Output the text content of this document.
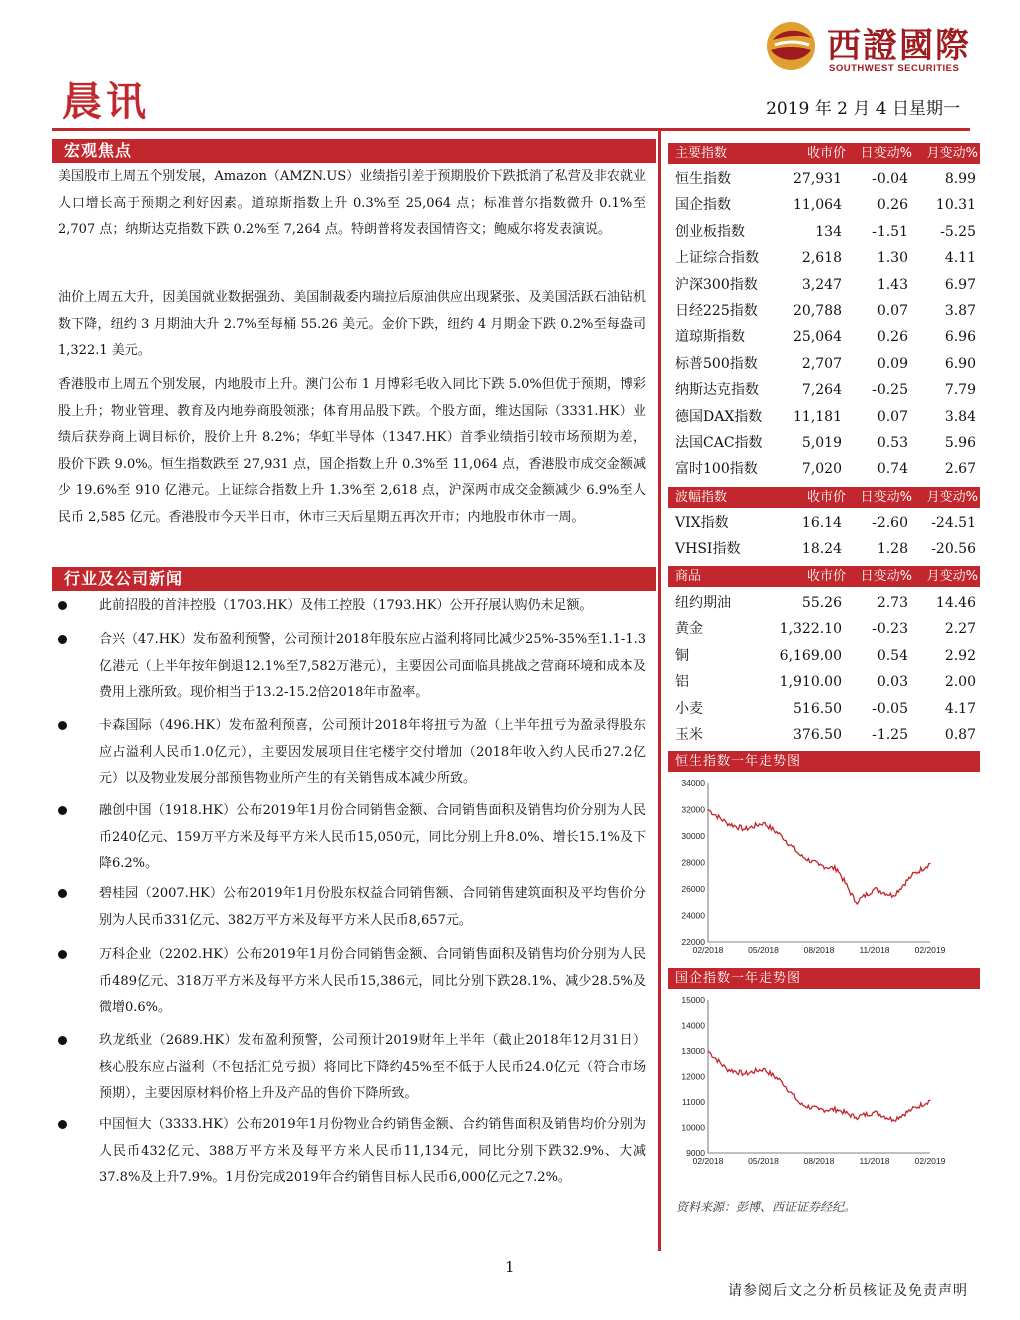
西證國際
SOUTHWEST SECURITIES
晨讯	2019 年 2 月 4 日星期一
宏观焦点

美国股市上周五个别发展，Amazon（AMZN.US）业绩指引差于预期股价下跌抵消了私营及非农就业人口增长高于预期之利好因素。道琼斯指数上升 0.3%至 25,064 点；标准普尔指数微升 0.1%至 2,707 点；纳斯达克指数下跌 0.2%至 7,264 点。特朗普将发表国情咨文；鲍威尔将发表演说。

油价上周五大升，因美国就业数据强劲、美国制裁委内瑞拉后原油供应出现紧张、及美国活跃石油钻机数下降，纽约 3 月期油大升 2.7%至每桶 55.26 美元。金价下跌，纽约 4 月期金下跌 0.2%至每盎司 1,322.1 美元。

香港股市上周五个别发展，内地股市上升。澳门公布 1 月博彩毛收入同比下跌 5.0%但优于预期，博彩股上升；物业管理、教育及内地券商股领涨；体育用品股下跌。个股方面，维达国际（3331.HK）业绩后获券商上调目标价，股价上升 8.2%；华虹半导体（1347.HK）首季业绩指引较市场预期为差，股价下跌 9.0%。恒生指数跌至 27,931 点，国企指数上升 0.3%至 11,064 点，香港股市成交金额减少 19.6%至 910 亿港元。上证综合指数上升 1.3%至 2,618 点，沪深两市成交金额减少 6.9%至人民币 2,585 亿元。香港股市今天半日市，休市三天后星期五再次开市；内地股市休市一周。

行业及公司新闻

此前招股的首沣控股（1703.HK）及伟工控股（1793.HK）公开孖展认购仍未足额。

合兴（47.HK）发布盈利预警，公司预计2018年股东应占溢利将同比减少25%-35%至1.1-1.3亿港元（上半年按年倒退12.1%至7,582万港元），主要因公司面临具挑战之营商环境和成本及费用上涨所致。现价相当于13.2-15.2倍2018年市盈率。

卡森国际（496.HK）发布盈利预喜，公司预计2018年将扭亏为盈（上半年扭亏为盈录得股东应占溢利人民币1.0亿元），主要因发展项目住宅楼宇交付增加（2018年收入约人民币27.2亿元）以及物业发展分部预售物业所产生的有关销售成本减少所致。

融创中国（1918.HK）公布2019年1月份合同销售金额、合同销售面积及销售均价分别为人民币240亿元、159万平方米及每平方米人民币15,050元，同比分别上升8.0%、增长15.1%及下降6.2%。

碧桂园（2007.HK）公布2019年1月份股东权益合同销售额、合同销售建筑面积及平均售价分别为人民币331亿元、382万平方米及每平方米人民币8,657元。

万科企业（2202.HK）公布2019年1月份合同销售金额、合同销售面积及销售均价分别为人民币489亿元、318万平方米及每平方米人民币15,386元，同比分别下跌28.1%、减少28.5%及微增0.6%。

玖龙纸业（2689.HK）发布盈利预警，公司预计2019财年上半年（截止2018年12月31日）核心股东应占溢利（不包括汇兑亏损）将同比下降约45%至不低于人民币24.0亿元（符合市场预期），主要因原材料价格上升及产品的售价下降所致。

中国恒大（3333.HK）公布2019年1月份物业合约销售金额、合约销售面积及销售均价分别为人民币432亿元、388万平方米及每平方米人民币11,134元，同比分别下跌32.9%、大减37.8%及上升7.9%。1月份完成2019年合约销售目标人民币6,000亿元之7.2%。

主要指数	收市价 日变动% 月变动%
恒生指数	27,931 -0.04	8.99
国企指数	11,064 0.26 10.31
创业板指数	134 -1.51 -5.25
上证综合指数	2,618 1.30	4.11
沪深300指数	3,247 1.43	6.97
日经225指数	20,788 0.07	3.87
道琼斯指数	25,064 0.26	6.96
标普500指数	2,707 0.09	6.90
纳斯达克指数	7,264 -0.25	7.79
德国DAX指数 11,181 0.07	3.84
法国CAC指数	5,019 0.53	5.96
富时100指数	7,020 0.74	2.67
波幅指数	收市价 日变动% 月变动%
VIX指数	16.14 -2.60 -24.51
VHSI指数	18.24 1.28 -20.56
商品	收市价 日变动% 月变动%
纽约期油	55.26 2.73 14.46
黄金	1,322.10 -0.23	2.27
铜	6,169.00 0.54	2.92
铝	1,910.00 0.03	2.00
小麦	516.50 -0.05	4.17
玉米	376.50 -1.25	0.87
恒生指数一年走势图
22000
24000
26000
28000
30000
32000
34000
02/2018	05/2018	08/2018	11/2018	02/2019
国企指数一年走势图
9000
10000
11000
12000
13000
14000
15000
02/2018	05/2018	08/2018	11/2018	02/2019
资料来源：彭博、西证证券经纪。
1
请参阅后文之分析员核证及免责声明
